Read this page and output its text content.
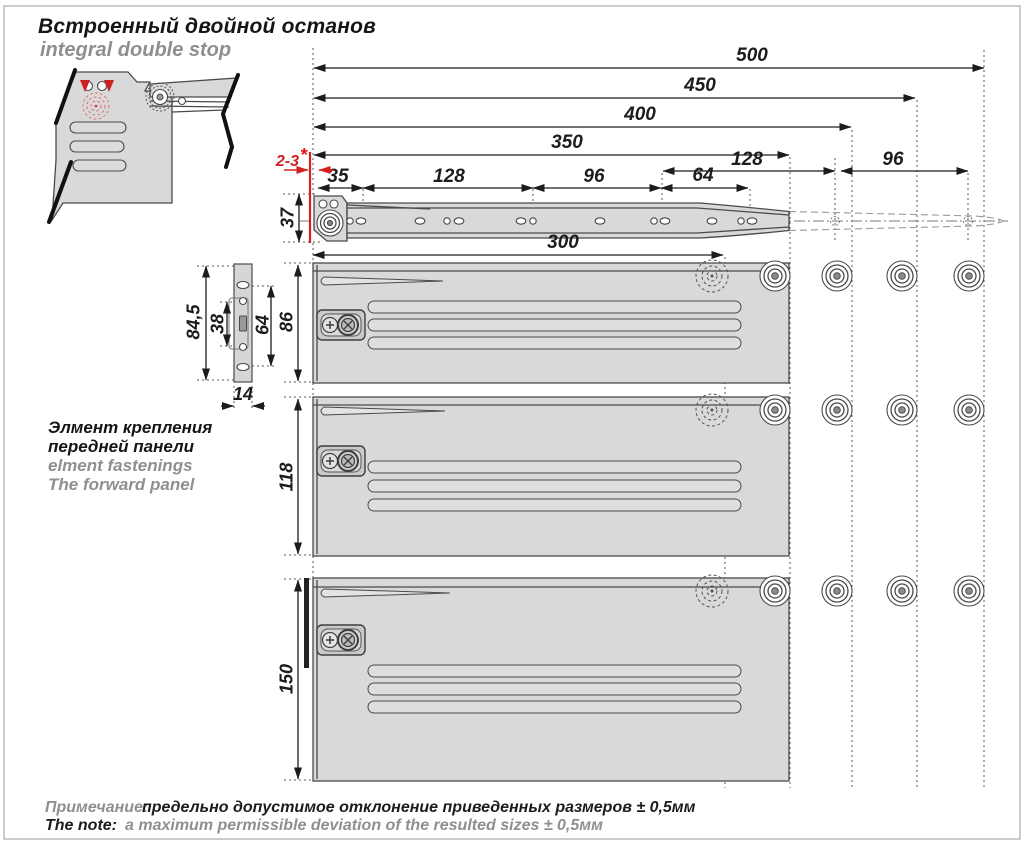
500
450
400
350
128	96
35	128	96	64
300
37
86
118
150
84,5 38 64
14
2-3 *
Встроенный двойной останов
integral double stop
Элмент крепления
передней панели
elment fastenings
The forward panel
Примечание:
предельно допустимое отклонение приведенных размеров ± 0,5мм
The note: a maximum permissible deviation of the resulted sizes ± 0,5мм
